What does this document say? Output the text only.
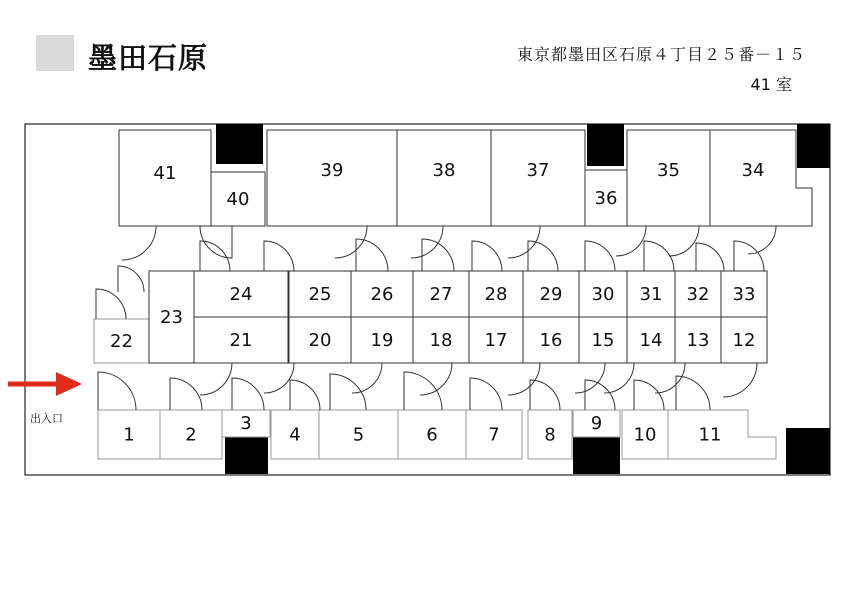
墨田石原	東京都墨田区石原４丁目２５番－１５
41 室
出入口
1	2
3
4	5	6	7 8
9
10 11
12
13
14
15
16
17
18
19
20
21
22
23
24	25 26 27 28 29 30 31 32 33
34
35
36
37
38
39
40
41
